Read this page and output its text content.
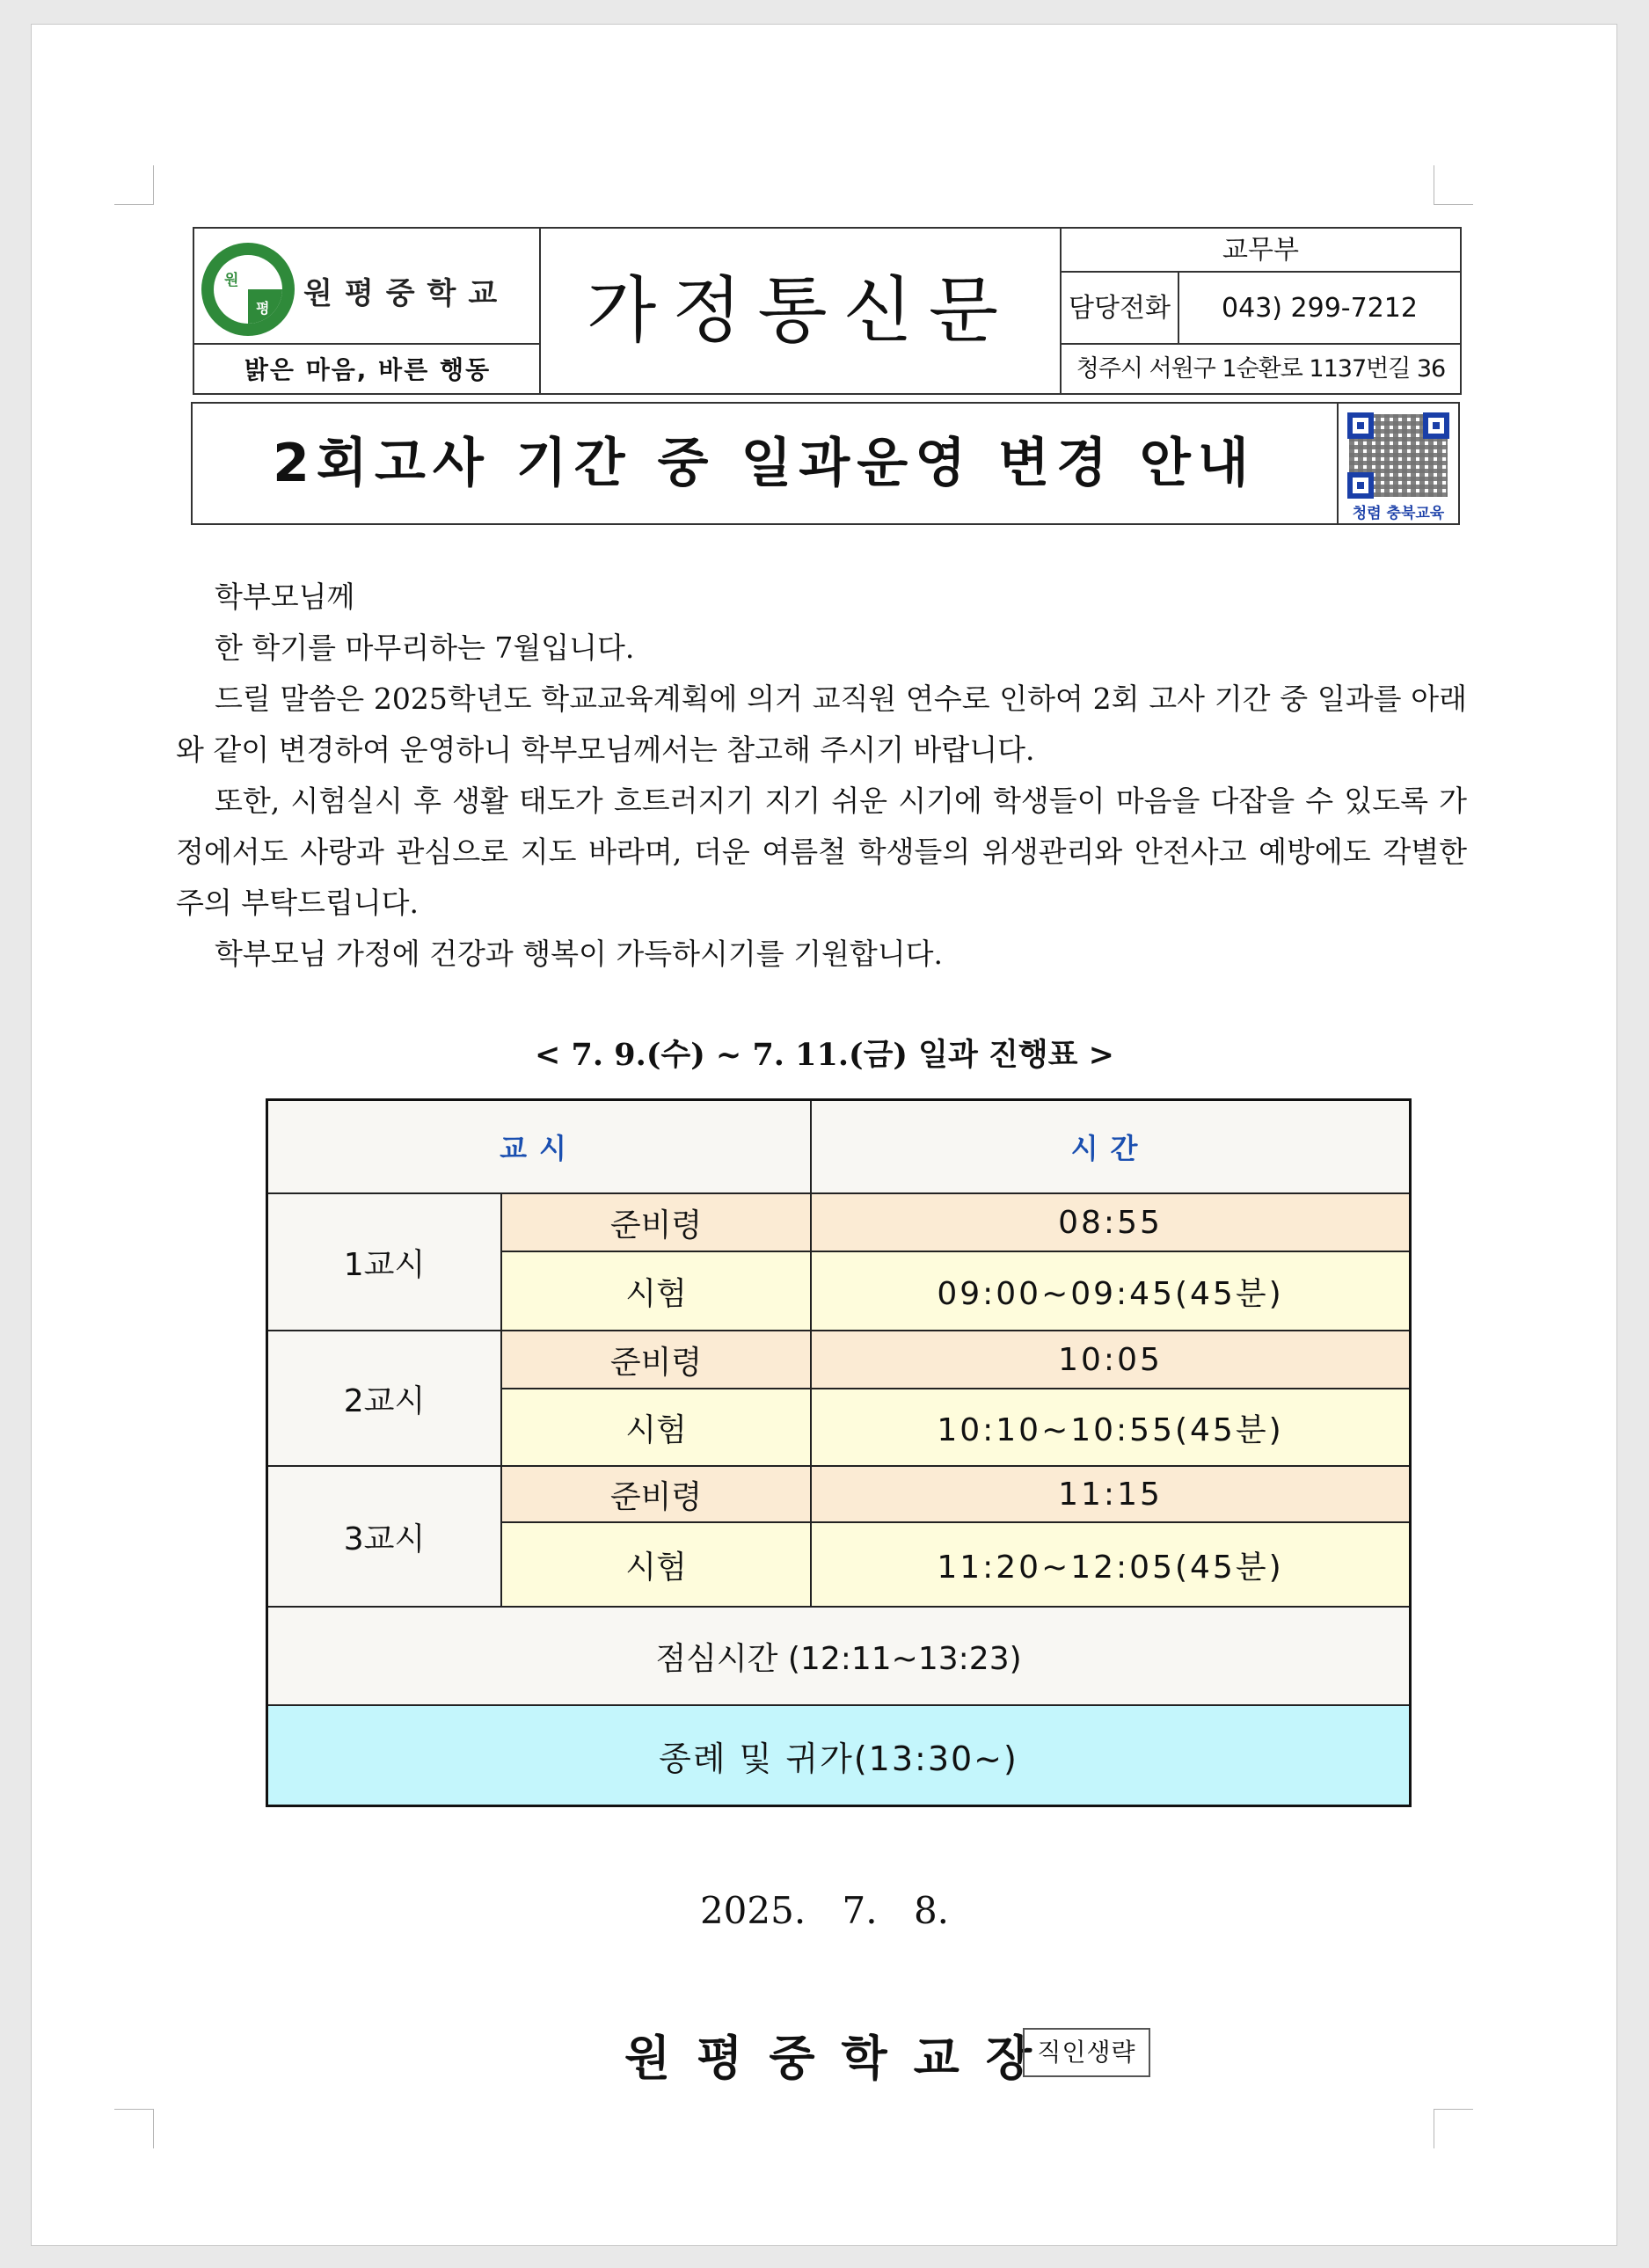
원
평 원평중학교
밝은 마음, 바른 행동
가정통신문
교무부
담당전화	043) 299-7212
청주시 서원구 1순환로 1137번길 36
2회고사 기간 중 일과운영 변경 안내
청렴 충북교육

학부모님께

한 학기를 마무리하는 7월입니다.

드릴 말씀은 2025학년도 학교교육계획에 의거 교직원 연수로 인하여 2회 고사 기간 중 일과를 아래와 같이 변경하여 운영하니 학부모님께서는 참고해 주시기 바랍니다.

또한, 시험실시 후 생활 태도가 흐트러지기 지기 쉬운 시기에 학생들이 마음을 다잡을 수 있도록 가정에서도 사랑과 관심으로 지도 바라며, 더운 여름철 학생들의 위생관리와 안전사고 예방에도 각별한 주의 부탁드립니다.

학부모님 가정에 건강과 행복이 가득하시기를 기원합니다.

< 7. 9.(수) ~ 7. 11.(금) 일과 진행표 >
교시	시간
1교시
준비령	08:55
시험	09:00~09:45(45분)
2교시
준비령	10:05
시험	10:10~10:55(45분)
3교시
준비령	11:15
시험	11:20~12:05(45분)
점심시간 (12:11~13:23)
종례 및 귀가(13:30~)
2025. 7. 8.
원평중학교장
직인생략
